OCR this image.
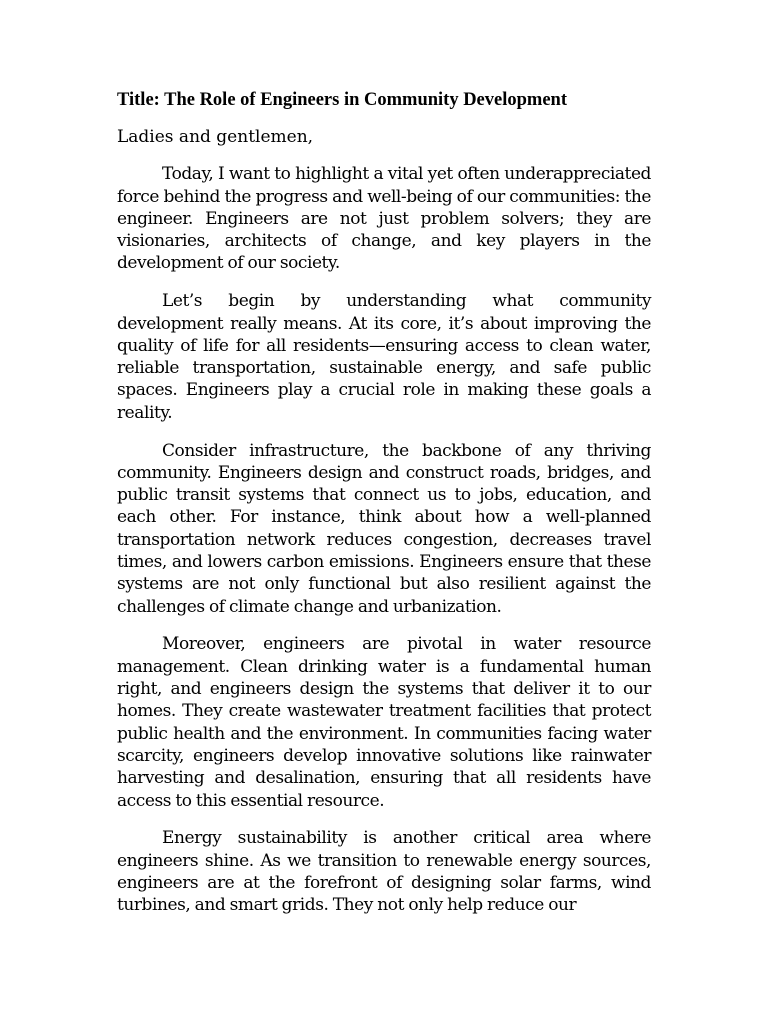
Title: The Role of Engineers in Community Development
Ladies and gentlemen,

Today, I want to highlight a vital yet often underappreciated force behind the progress and well-being of our communities: the engineer. Engineers are not just problem solvers; they are visionaries, architects of change, and key players in the development of our society.

Let’s begin by understanding what community development really means. At its core, it’s about improving the quality of life for all residents—ensuring access to clean water, reliable transportation, sustainable energy, and safe public spaces. Engineers play a crucial role in making these goals a reality.

Consider infrastructure, the backbone of any thriving community. Engineers design and construct roads, bridges, and public transit systems that connect us to jobs, education, and each other. For instance, think about how a well-planned transportation network reduces congestion, decreases travel times, and lowers carbon emissions. Engineers ensure that these systems are not only functional but also resilient against the challenges of climate change and urbanization.

Moreover, engineers are pivotal in water resource management. Clean drinking water is a fundamental human right, and engineers design the systems that deliver it to our homes. They create wastewater treatment facilities that protect public health and the environment. In communities facing water scarcity, engineers develop innovative solutions like rainwater harvesting and desalination, ensuring that all residents have access to this essential resource.

Energy sustainability is another critical area where engineers shine. As we transition to renewable energy sources, engineers are at the forefront of designing solar farms, wind turbines, and smart grids. They not only help reduce our
